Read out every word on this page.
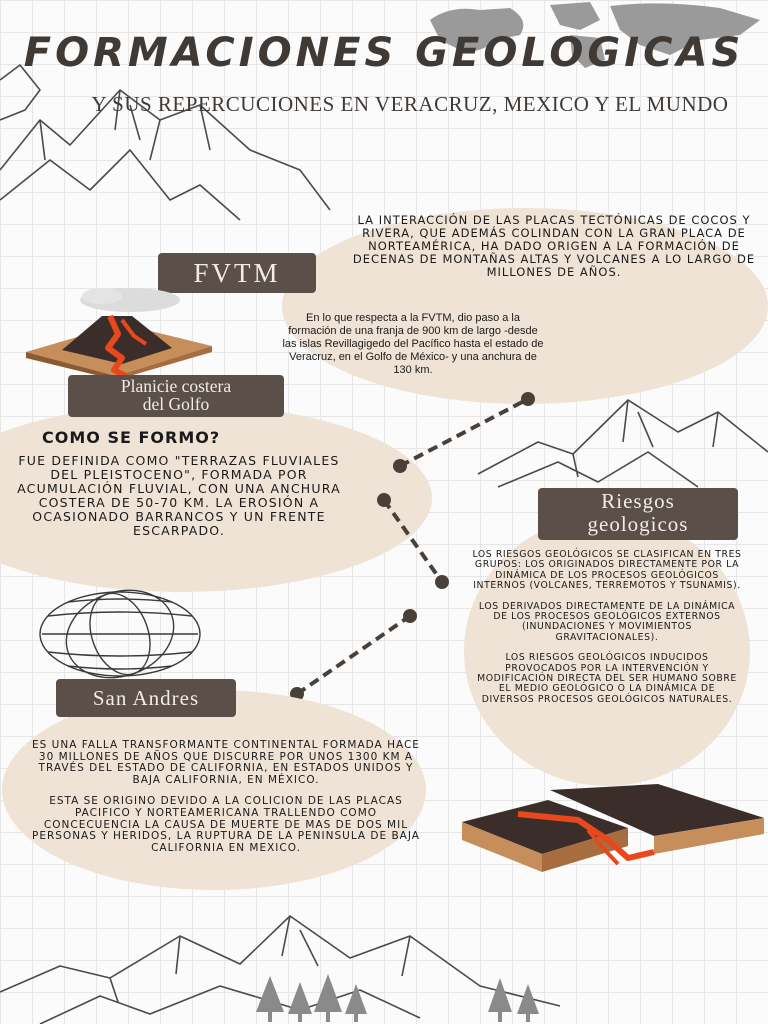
FORMACIONES GEOLOGICAS
Y SUS REPERCUCIONES EN VERACRUZ, MEXICO Y EL MUNDO
FVTM
LA INTERACCIÓN DE LAS PLACAS TECTÓNICAS DE COCOS Y RIVERA, QUE ADEMÁS COLINDAN CON LA GRAN PLACA DE NORTEAMÉRICA, HA DADO ORIGEN A LA FORMACIÓN DE DECENAS DE MONTAÑAS ALTAS Y VOLCANES A LO LARGO DE MILLONES DE AÑOS.
En lo que respecta a la FVTM, dio paso a la formación de una franja de 900 km de largo -desde las islas Revillagigedo del Pacífico hasta el estado de Veracruz, en el Golfo de México- y una anchura de 130 km.
Planicie costera
del Golfo
COMO SE FORMO?
FUE DEFINIDA COMO "TERRAZAS FLUVIALES DEL PLEISTOCENO", FORMADA POR ACUMULACIÓN FLUVIAL, CON UNA ANCHURA COSTERA DE 50-70 KM. LA EROSIÓN A OCASIONADO BARRANCOS Y UN FRENTE ESCARPADO.
Riesgos
geologicos

LOS RIESGOS GEOLÓGICOS SE CLASIFICAN EN TRES GRUPOS: LOS ORIGINADOS DIRECTAMENTE POR LA DINÁMICA DE LOS PROCESOS GEOLÓGICOS INTERNOS (VOLCANES, TERREMOTOS Y TSUNAMIS).

LOS DERIVADOS DIRECTAMENTE DE LA DINÁMICA DE LOS PROCESOS GEOLÓGICOS EXTERNOS (INUNDACIONES Y MOVIMIENTOS GRAVITACIONALES).

LOS RIESGOS GEOLÓGICOS INDUCIDOS PROVOCADOS POR LA INTERVENCIÓN Y MODIFICACIÓN DIRECTA DEL SER HUMANO SOBRE EL MEDIO GEOLÓGICO O LA DINÁMICA DE DIVERSOS PROCESOS GEOLÓGICOS NATURALES.

San Andres

ES UNA FALLA TRANSFORMANTE CONTINENTAL FORMADA HACE 30 MILLONES DE AÑOS QUE DISCURRE POR UNOS 1300 KM A TRAVÉS DEL ESTADO DE CALIFORNIA, EN ESTADOS UNIDOS Y BAJA CALIFORNIA, EN MÉXICO.

ESTA SE ORIGINO DEVIDO A LA COLICION DE LAS PLACAS PACIFICO Y NORTEAMERICANA TRALLENDO COMO CONCECUENCIA LA CAUSA DE MUERTE DE MAS DE DOS MIL PERSONAS Y HERIDOS, LA RUPTURA DE LA PENINSULA DE BAJA CALIFORNIA EN MEXICO.
